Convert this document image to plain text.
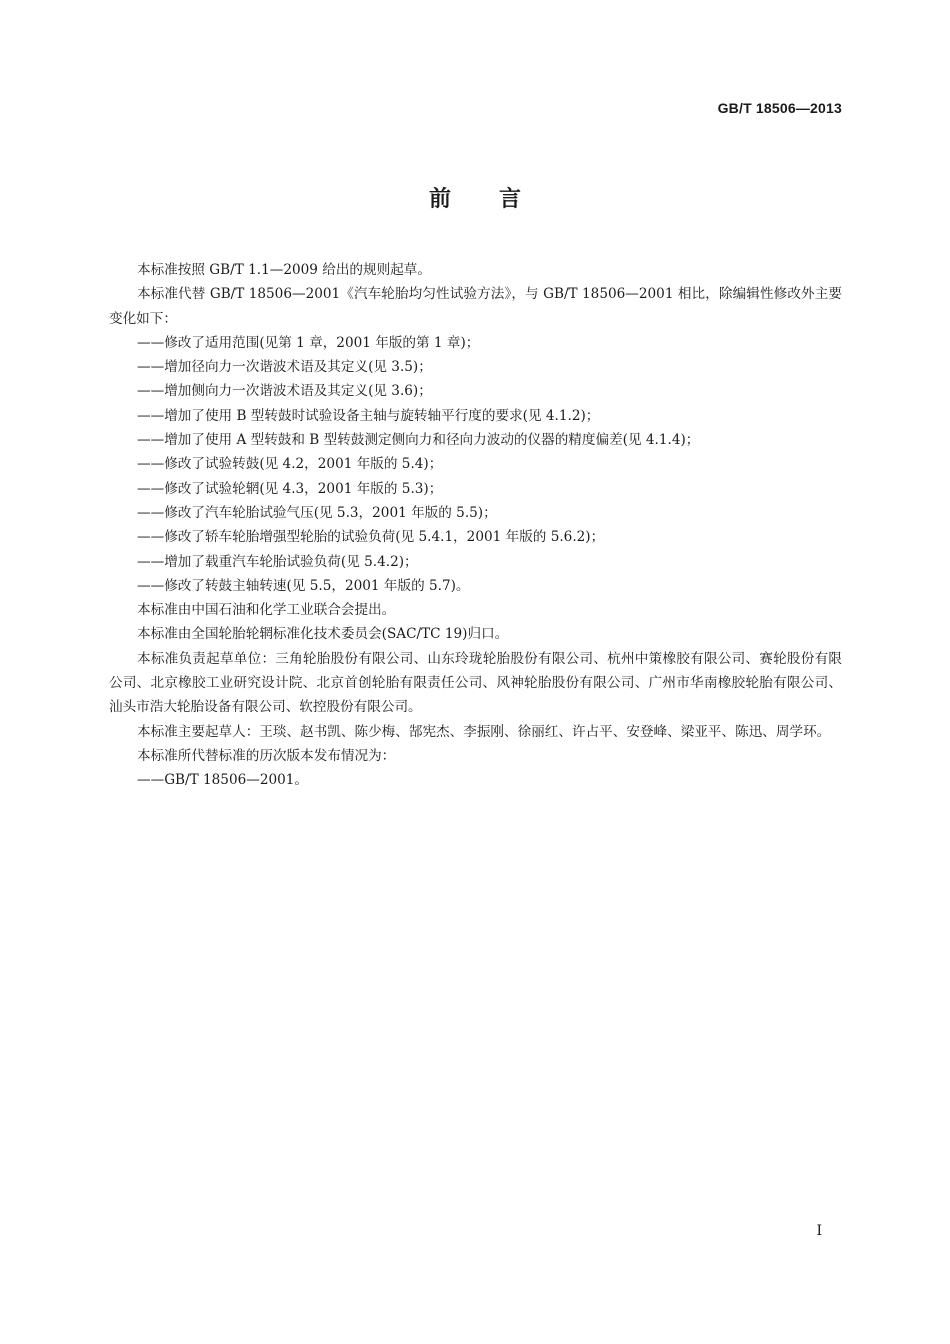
GB/T 18506—2013
前言

本标准按照 GB/T 1.1—2009 给出的规则起草。

本标准代替 GB/T 18506—2001《汽车轮胎均匀性试验方法》，与 GB/T 18506—2001 相比，除编辑性修改外主要变化如下：

——修改了适用范围(见第 1 章，2001 年版的第 1 章)；

——增加径向力一次谐波术语及其定义(见 3.5)；

——增加侧向力一次谐波术语及其定义(见 3.6)；

——增加了使用 B 型转鼓时试验设备主轴与旋转轴平行度的要求(见 4.1.2)；

——增加了使用 A 型转鼓和 B 型转鼓测定侧向力和径向力波动的仪器的精度偏差(见 4.1.4)；

——修改了试验转鼓(见 4.2，2001 年版的 5.4)；

——修改了试验轮辋(见 4.3，2001 年版的 5.3)；

——修改了汽车轮胎试验气压(见 5.3，2001 年版的 5.5)；

——修改了轿车轮胎增强型轮胎的试验负荷(见 5.4.1，2001 年版的 5.6.2)；

——增加了载重汽车轮胎试验负荷(见 5.4.2)；

——修改了转鼓主轴转速(见 5.5，2001 年版的 5.7)。

本标准由中国石油和化学工业联合会提出。

本标准由全国轮胎轮辋标准化技术委员会(SAC/TC 19)归口。

本标准负责起草单位：三角轮胎股份有限公司、山东玲珑轮胎股份有限公司、杭州中策橡胶有限公司、赛轮股份有限公司、北京橡胶工业研究设计院、北京首创轮胎有限责任公司、风神轮胎股份有限公司、广州市华南橡胶轮胎有限公司、汕头市浩大轮胎设备有限公司、软控股份有限公司。

本标准主要起草人：王琰、赵书凯、陈少梅、郜宪杰、李振刚、徐丽红、许占平、安登峰、梁亚平、陈迅、周学环。

本标准所代替标准的历次版本发布情况为：

——GB/T 18506—2001。

I
